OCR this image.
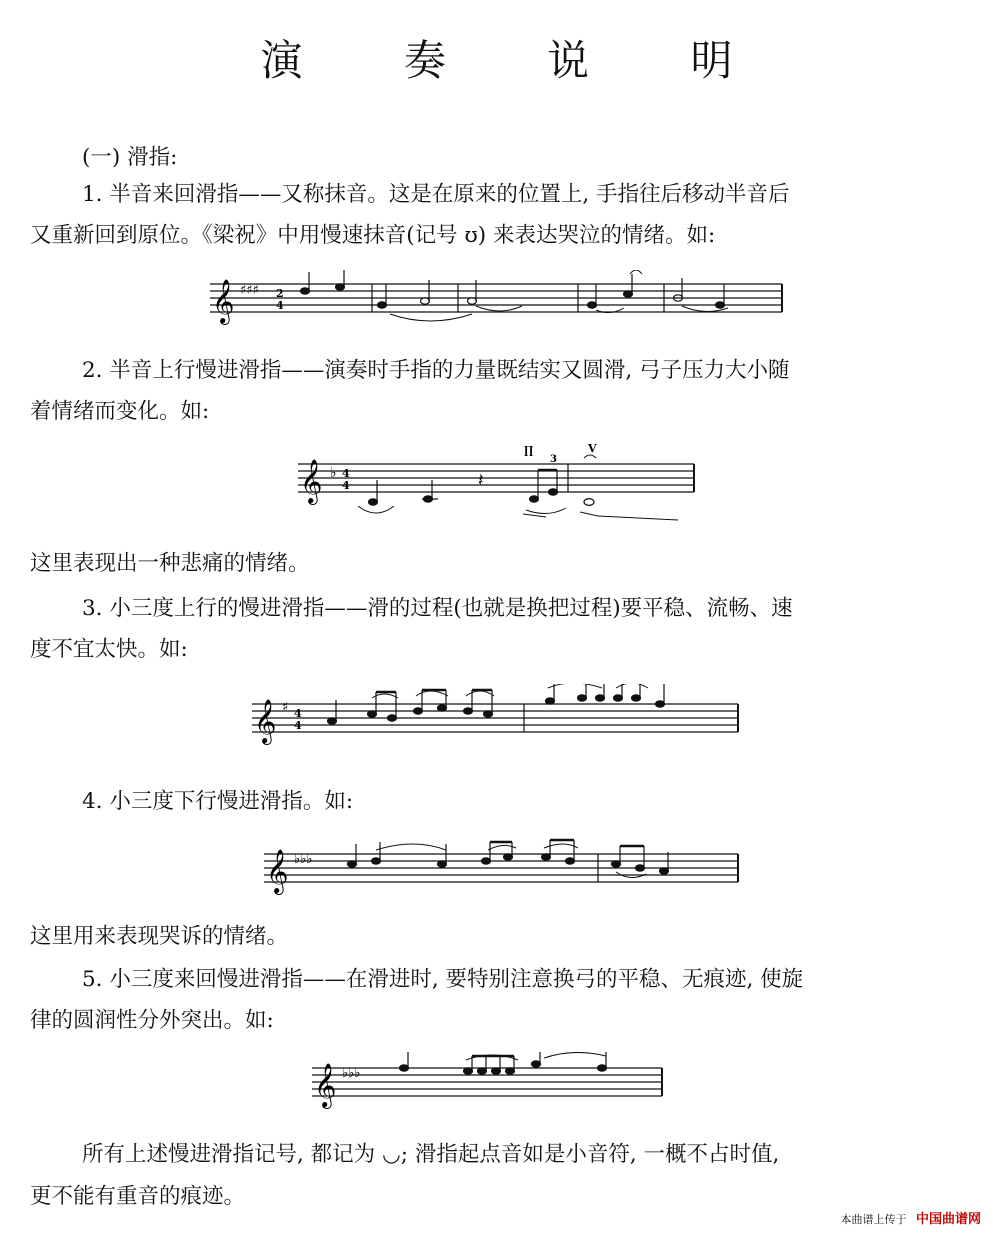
演 奏 说 明
(一) 滑指:
1. 半音来回滑指——又称抹音。这是在原来的位置上, 手指往后移动半音后
又重新回到原位。《梁祝》中用慢速抹音(记号 ʊ) 来表达哭泣的情绪。如:
𝄞 ♯♯♯ 2
4
2. 半音上行慢进滑指——演奏时手指的力量既结实又圆滑, 弓子压力大小随
着情绪而变化。如:
𝄞 ♭ 4
4	𝄽
∏
3
V
这里表现出一种悲痛的情绪。
3. 小三度上行的慢进滑指——滑的过程(也就是换把过程)要平稳、流畅、速
度不宜太快。如:
𝄞 ♯ 4
4
4. 小三度下行慢进滑指。如:
𝄞 ♭♭♭
这里用来表现哭诉的情绪。
5. 小三度来回慢进滑指——在滑进时, 要特别注意换弓的平稳、无痕迹, 使旋
律的圆润性分外突出。如:
𝄞 ♭♭♭
所有上述慢进滑指记号, 都记为 ◡; 滑指起点音如是小音符, 一概不占时值,
更不能有重音的痕迹。
本曲谱上传于 中国曲谱网
